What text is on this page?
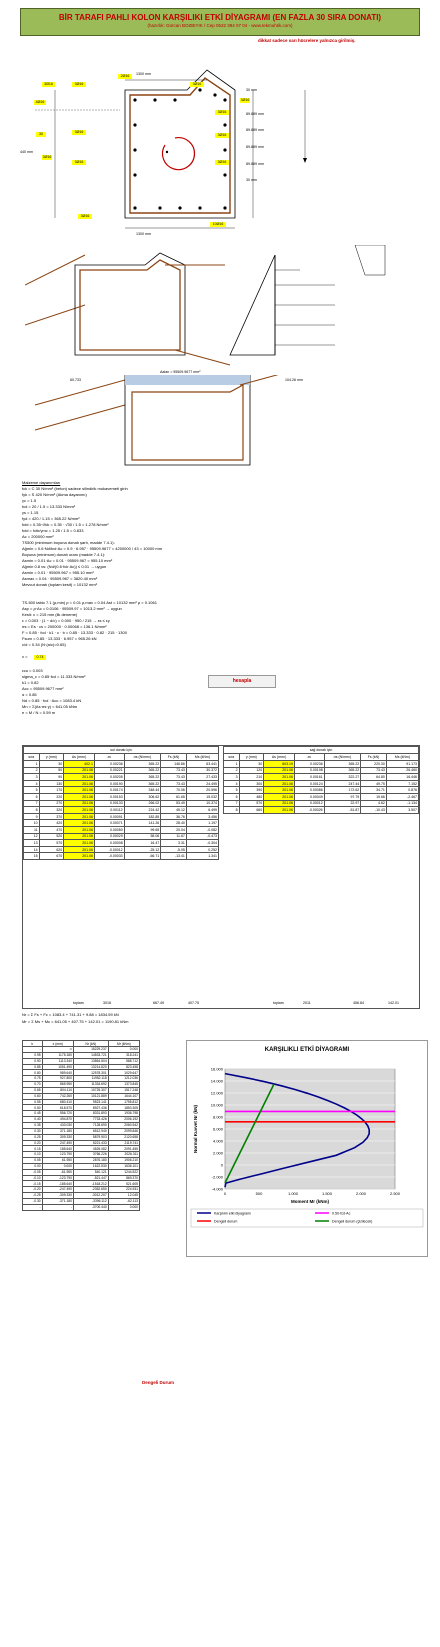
BİR TARAFI PAHLI KOLON KARŞILIKI ETKİ DİYAGRAMI (EN FAZLA 30 SIRA DONATI)
(hazırlık: Gürcan BOZBIYIK / Cep 0532 394 07 04 - www.tekmuhtik.com)
dikkat sadece sarı hücrelere yalnızca girilmiş.
1300 mm
1300 mm
440 mm
3Ø16	3Ø16
2Ø16
3Ø16
4Ø16
3Ø16
3Ø16
3Ø16
3Ø16
3Ø16
3Ø16
3Ø16
3Ø16
10Ø16
30
30 mm
89.889 mm
89.889 mm
89.889 mm
89.889 mm
30 mm
Aalan = 95509.9677 mm²
60.733	104.26 mm
Malzeme dayanımları
fck = C 30 N/mm² (beton) sadece silindirik mukavemeti girin
fyk = S 420 N/mm² (Akma dayanımı)
γc = 1.5
fcd = 20 / 1.5 = 13.333 N/mm²
γs = 1.15
fyd = 420 / 1.15 = 365.22 N/mm²
fctd = 0.35·√fck = 0.35 · √30 / 1.5 = 1.278 N/mm²
fctd = fctk/γmc = 1.25 / 1.5 = 0.833
Ac = 200000 mm²
TS500 (minimum boyuna donatı şartı, madde 7.4.1):
Ağmin = 0.6·Nd/fcd·Ac = 0.9 · 6.957 · 95509.9677 = 4200000 / 43 = 10000 mm
Boyuna (minimum) donatı oranı (madde 7.4.1):
Asmin = 0.01·Ac = 0.01 · 95509.967 = 955.10 mm²
Ağmin 0.8 vs: (Nd/(0.6·fck·Ac)) ≤ 0.01 → uygun
Asmin = 0.01 · 95509.967 = 955.10 mm²
Asmax = 0.04 · 95509.967 = 3820.40 mm²
Mevcut donatı (toplam kesit) = 10132 mm²
TS-500 tablo 7.1 (ρ,min) ρ = 0.01 ρ,max = 0.04 Ast = 10132 mm² ρ = 0.1061
Asp = ρ·Ac = 0.0106 · 95509.97 = 1013.2 mm² → uygun
Kesit: c = 215 mm (ilk deneme)
ε = 0.003 · (1 − d/c) = 0.000 · 950 / 215 → εs ≤ εy
σs = Es · εs = 200000 · 0.00068 = 136.1 N/mm²
F = 0.85 · fcd · k1 · c · b = 0.85 · 13.333 · 0.82 · 215 · 1300
Fsum = 0.85 · 13.333 · 6.957 = 965.26 kN
c/d = 0.34 (N·(a/c)=0.65)
x =	0.74
hesapla
εcu = 0.003
sigma_c = 0.85·fcd = 11.333 N/mm²
k1 = 0.82
Acc = 95509.9677 mm²
α = 0.85
Nd = 0.85 · fcd · Acc = 1083.4 kN
Mn = Σ(As·σs·y) = 641.05 kNm
e = M / N = 0.59 m
sol donatı için						
sıra	y (mm)	As (mm²)	εs	σs (N/mm²)	Fs (kN)	Ms (kNm)
1	30	402.1	0.00236	365.22	146.86	63.441
2	50	201.06	0.00221	365.22	73.43	30.372
3	90	201.06	0.00205	365.22	73.43	27.433
4	130	201.06	0.00190	365.22	73.43	24.495
5	170	201.06	0.00174	348.44	70.06	20.596
6	220	201.06	0.00153	306.62	61.65	15.032
7	270	201.06	0.00133	266.02	53.49	10.374
8	320	201.06	0.00112	224.42	45.12	6.499
9	370	201.06	0.00091	182.85	36.76	3.456
10	420	201.06	0.00071	141.26	28.40	1.197
11	470	201.06	0.00050	99.65	20.04	-0.082
12	520	201.06	0.00029	58.06	11.67	-0.473
13	570	201.06	0.00008	16.47	3.31	-0.304
14	620	201.06	-0.00012	-25.12	-5.05	0.252
15	670	201.06	-0.00033	-66.71	-13.41	1.341
sağ donatı için						
sıra	y (mm)	As (mm²)	εs	σs (N/mm²)	Fs (kN)	Ms (kNm)
1	30	603.19	0.00236	365.22	220.30	91.173
2	120	201.06	0.00198	365.22	73.43	26.460
3	210	201.06	0.00161	322.27	64.80	16.446
4	300	201.06	0.00124	247.44	49.75	7.152
5	390	201.06	0.00086	172.62	34.71	0.876
6	480	201.06	0.00049	97.79	19.66	-2.467
7	570	201.06	0.00012	22.97	4.62	-1.134
8	660	201.06	-0.00026	-51.87	-10.43	3.507
toplam	3016	667.49	407.75	toplam	2011	456.84	142.01
Nr = Σ Fs + Fc = 1083.4 + 741.31 + 9.88 = 1834.59 kN
Mr = Σ Ms + Mc = 641.05 + 407.75 + 142.01 = 1190.81 kNm
k	x (mm)	Nr (kN)	Mr (kNm)
-	∞	15229.237	0.000
0.95	1175.180	14533.721	318.241
0.90	1113.340	13864.504	588.712
0.85	1051.490	13214.820	823.458
0.80	989.640	12578.301	1029.647
0.75	927.800	11952.118	1212.036
0.70	865.950	11334.692	1373.845
0.65	804.110	10725.307	1517.248
0.60	742.260	10121.889	1644.107
0.55	680.410	9523.141	1755.812
0.50	618.570	8927.436	1853.305
0.45	556.720	8331.893	1936.798
0.40	494.870	7733.426	2006.192
0.35	433.030	7128.690	2060.942
0.30	371.180	6512.940	2099.846
0.25	309.330	5879.903	2120.658
0.20	247.490	5221.433	2119.741
0.15	185.640	4525.082	2091.455
0.10	123.790	3766.226	2026.311
0.05	61.950	2876.180	1906.210
0.00	0.000	1622.530	1636.101
-0.05	-61.950	540.121	1244.522
-0.10	-123.790	-521.447	869.370
-0.15	-185.640	-1518.212	521.605
-0.20	-247.490	-2352.650	224.931
-0.25	-309.330	-3012.207	12.045
-0.30	-371.180	-3396.112	-62.113
-	-	-3700.440	0.000
Dengeli Durum
KARŞILIKLI ETKİ DİYAGRAMI
-4.000
-2.000
0
2.000
4.000
6.000
8.000
10.000
12.000
14.000
16.000
0	500	1.000	1.500	2.000	2.500
Moment Mr (kNm)
Normal Kuvvet Nr (kN)
Karşılıklı etki diyagramı	0.50·fcd·Ac
Dengeli durum	Dengeli durum (çizilecek)
